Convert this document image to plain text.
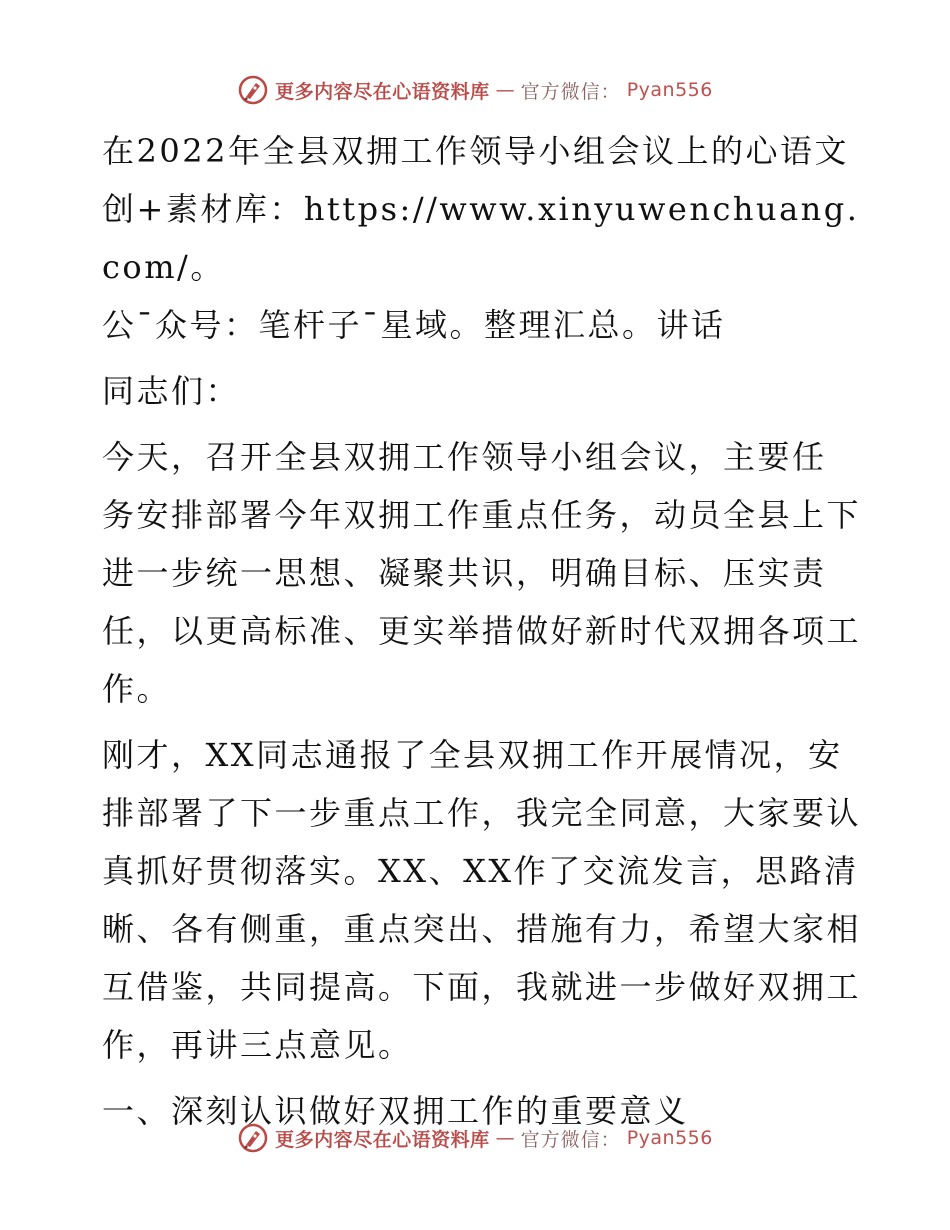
更多内容尽在心语资料库 — 官方微信： Pyan556
在2022年全县双拥工作领导小组会议上的心语文
创+素材库：https://www.xinyuwenchuang.com/。
公¯众号：笔杆子¯星域。整理汇总。讲话
同志们：
今天，召开全县双拥工作领导小组会议，主要任
务安排部署今年双拥工作重点任务，动员全县上下
进一步统一思想、凝聚共识，明确目标、压实责
任，以更高标准、更实举措做好新时代双拥各项工
作。
刚才，XX同志通报了全县双拥工作开展情况，安
排部署了下一步重点工作，我完全同意，大家要认
真抓好贯彻落实。XX、XX作了交流发言，思路清
晰、各有侧重，重点突出、措施有力，希望大家相
互借鉴，共同提高。下面，我就进一步做好双拥工
作，再讲三点意见。
一、深刻认识做好双拥工作的重要意义
更多内容尽在心语资料库 — 官方微信： Pyan556
